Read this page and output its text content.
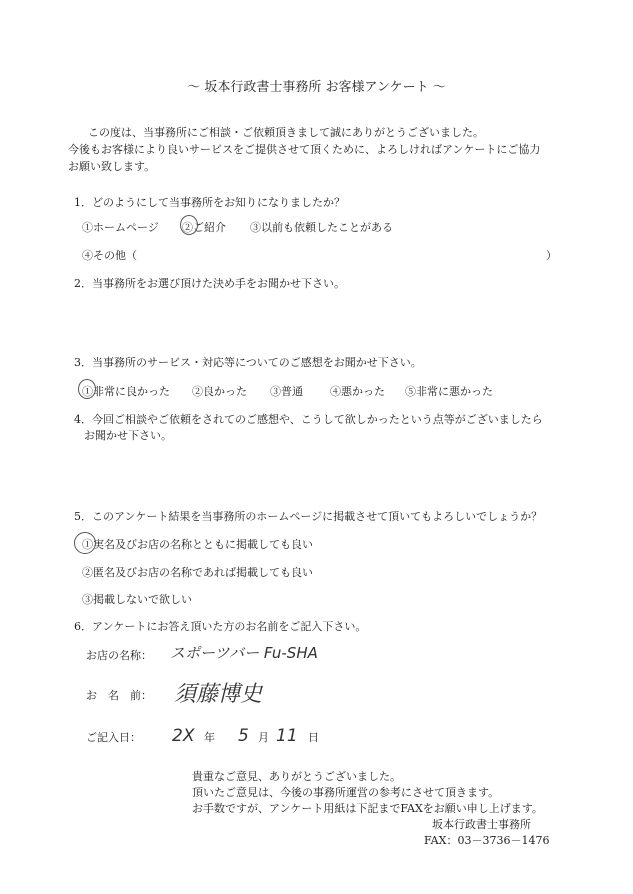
～ 坂本行政書士事務所 お客様アンケート ～
この度は、当事務所にご相談・ご依頼頂きまして誠にありがとうございました。
今後もお客様により良いサービスをご提供させて頂くために、よろしければアンケートにご協力
お願い致します。
1．どのようにして当事務所をお知りになりましたか？
①ホームページ ②ご紹介 ③以前も依頼したことがある
④その他（	）
2．当事務所をお選び頂けた決め手をお聞かせ下さい。
3．当事務所のサービス・対応等についてのご感想をお聞かせ下さい。
①非常に良かった ②良かった ③普通 ④悪かった ⑤非常に悪かった
4．今回ご相談やご依頼をされてのご感想や、こうして欲しかったという点等がございましたら
お聞かせ下さい。
5．このアンケート結果を当事務所のホームページに掲載させて頂いてもよろしいでしょうか？
①実名及びお店の名称とともに掲載しても良い
②匿名及びお店の名称であれば掲載しても良い
③掲載しないで欲しい
6．アンケートにお答え頂いた方のお名前をご記入下さい。
お店の名称： スポーツバー Fu-SHA
お　名　前： 須藤博史
ご記入日： 2X 年 5 月 11 日
貴重なご意見、ありがとうございました。
頂いたご意見は、今後の事務所運営の参考にさせて頂きます。
お手数ですが、アンケート用紙は下記までFAXをお願い申し上げます。
坂本行政書士事務所
FAX：03－3736－1476
